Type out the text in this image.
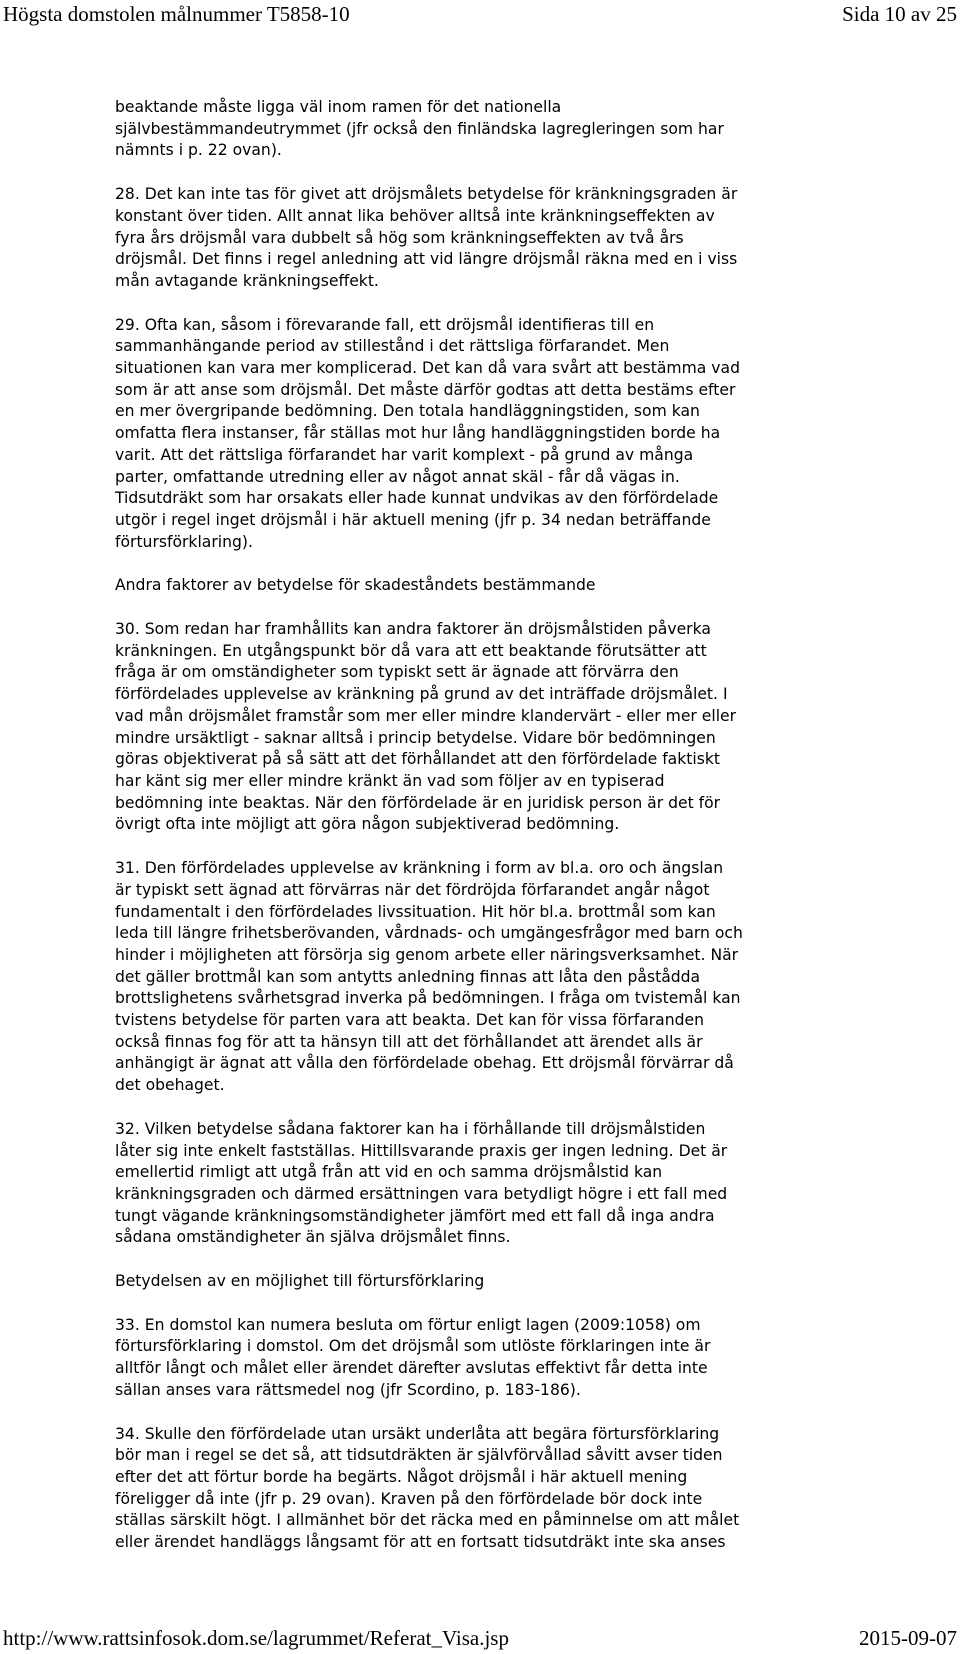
Högsta domstolen målnummer T5858-10	Sida 10 av 25

beaktande måste ligga väl inom ramen för det nationella
självbestämmandeutrymmet (jfr också den finländska lagregleringen som har
nämnts i p. 22 ovan).

28. Det kan inte tas för givet att dröjsmålets betydelse för kränkningsgraden är
konstant över tiden. Allt annat lika behöver alltså inte kränkningseffekten av
fyra års dröjsmål vara dubbelt så hög som kränkningseffekten av två års
dröjsmål. Det finns i regel anledning att vid längre dröjsmål räkna med en i viss
mån avtagande kränkningseffekt.

29. Ofta kan, såsom i förevarande fall, ett dröjsmål identifieras till en
sammanhängande period av stillestånd i det rättsliga förfarandet. Men
situationen kan vara mer komplicerad. Det kan då vara svårt att bestämma vad
som är att anse som dröjsmål. Det måste därför godtas att detta bestäms efter
en mer övergripande bedömning. Den totala handläggningstiden, som kan
omfatta flera instanser, får ställas mot hur lång handläggningstiden borde ha
varit. Att det rättsliga förfarandet har varit komplext - på grund av många
parter, omfattande utredning eller av något annat skäl - får då vägas in.
Tidsutdräkt som har orsakats eller hade kunnat undvikas av den förfördelade
utgör i regel inget dröjsmål i här aktuell mening (jfr p. 34 nedan beträffande
förtursförklaring).

Andra faktorer av betydelse för skadeståndets bestämmande

30. Som redan har framhållits kan andra faktorer än dröjsmålstiden påverka
kränkningen. En utgångspunkt bör då vara att ett beaktande förutsätter att
fråga är om omständigheter som typiskt sett är ägnade att förvärra den
förfördelades upplevelse av kränkning på grund av det inträffade dröjsmålet. I
vad mån dröjsmålet framstår som mer eller mindre klandervärt - eller mer eller
mindre ursäktligt - saknar alltså i princip betydelse. Vidare bör bedömningen
göras objektiverat på så sätt att det förhållandet att den förfördelade faktiskt
har känt sig mer eller mindre kränkt än vad som följer av en typiserad
bedömning inte beaktas. När den förfördelade är en juridisk person är det för
övrigt ofta inte möjligt att göra någon subjektiverad bedömning.

31. Den förfördelades upplevelse av kränkning i form av bl.a. oro och ängslan
är typiskt sett ägnad att förvärras när det fördröjda förfarandet angår något
fundamentalt i den förfördelades livssituation. Hit hör bl.a. brottmål som kan
leda till längre frihetsberövanden, vårdnads- och umgängesfrågor med barn och
hinder i möjligheten att försörja sig genom arbete eller näringsverksamhet. När
det gäller brottmål kan som antytts anledning finnas att låta den påståddа
brottslighetens svårhetsgrad inverka på bedömningen. I fråga om tvistemål kan
tvistens betydelse för parten vara att beakta. Det kan för vissa förfaranden
också finnas fog för att ta hänsyn till att det förhållandet att ärendet alls är
anhängigt är ägnat att vålla den förfördelade obehag. Ett dröjsmål förvärrar då
det obehaget.

32. Vilken betydelse sådana faktorer kan ha i förhållande till dröjsmålstiden
låter sig inte enkelt fastställas. Hittillsvarande praxis ger ingen ledning. Det är
emellertid rimligt att utgå från att vid en och samma dröjsmålstid kan
kränkningsgraden och därmed ersättningen vara betydligt högre i ett fall med
tungt vägande kränkningsomständigheter jämfört med ett fall då inga andra
sådana omständigheter än själva dröjsmålet finns.

Betydelsen av en möjlighet till förtursförklaring

33. En domstol kan numera besluta om förtur enligt lagen (2009:1058) om
förtursförklaring i domstol. Om det dröjsmål som utlöste förklaringen inte är
alltför långt och målet eller ärendet därefter avslutas effektivt får detta inte
sällan anses vara rättsmedel nog (jfr Scordino, p. 183-186).

34. Skulle den förfördelade utan ursäkt underlåta att begära förtursförklaring
bör man i regel se det så, att tidsutdräkten är självförvållad såvitt avser tiden
efter det att förtur borde ha begärts. Något dröjsmål i här aktuell mening
föreligger då inte (jfr p. 29 ovan). Kraven på den förfördelade bör dock inte
ställas särskilt högt. I allmänhet bör det räcka med en påminnelse om att målet
eller ärendet handläggs långsamt för att en fortsatt tidsutdräkt inte ska anses

http://www.rattsinfosok.dom.se/lagrummet/Referat_Visa.jsp	2015-09-07
